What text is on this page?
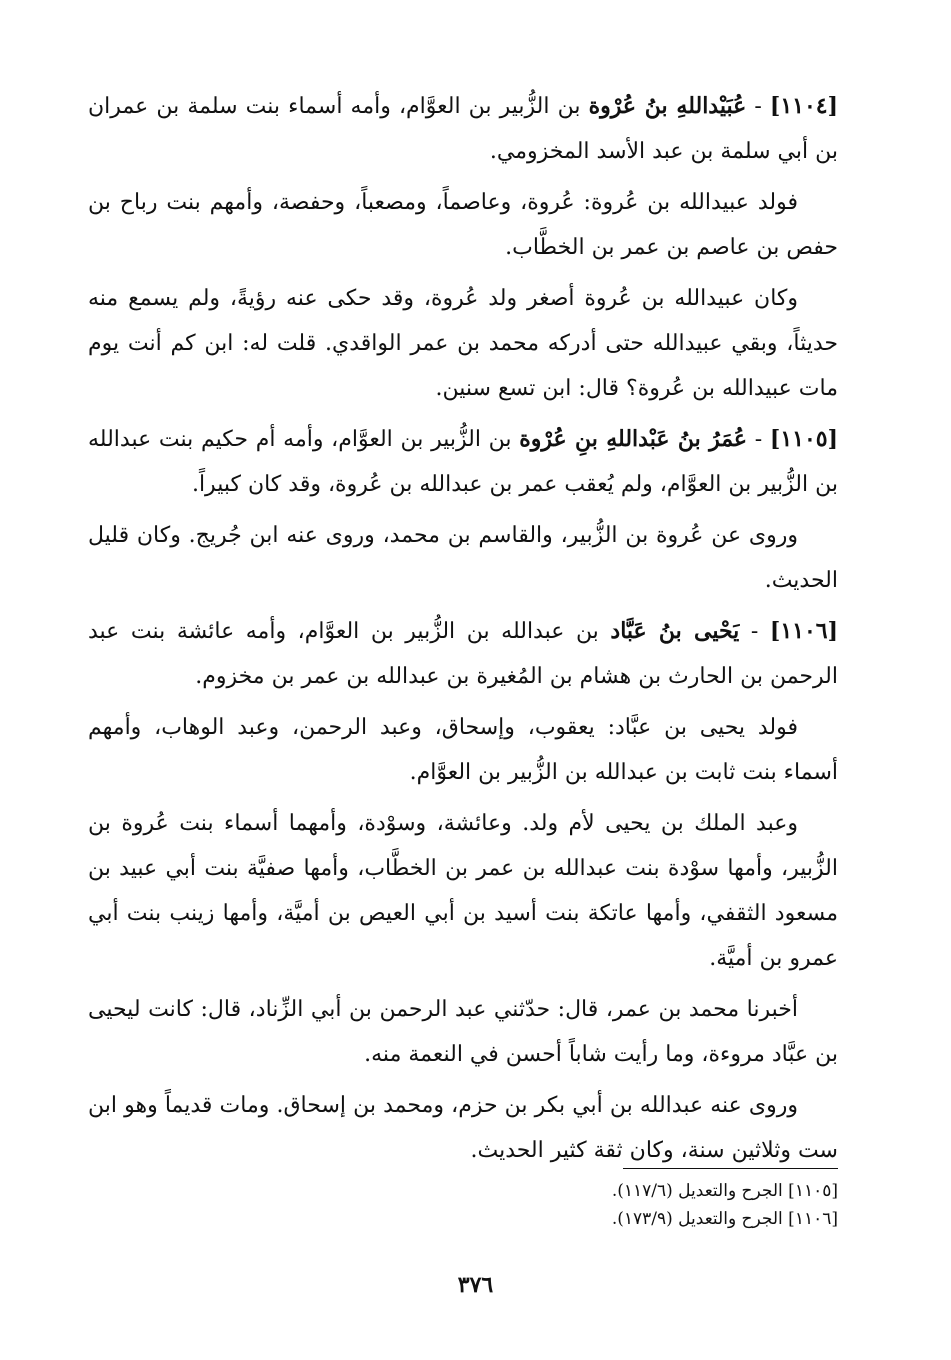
[١١٠٤] - عُبَيْداللهِ بنُ عُرْوة بن الزُّبير بن العوَّام، وأمه أسماء بنت سلمة بن عمران بن أبي سلمة بن عبد الأسد المخزومي.

فولد عبيدالله بن عُروة: عُروة، وعاصماً، ومصعباً، وحفصة، وأمهم بنت رباح بن حفص بن عاصم بن عمر بن الخطَّاب.

وكان عبيدالله بن عُروة أصغر ولد عُروة، وقد حكى عنه رؤيةً، ولم يسمع منه حديثاً، وبقي عبيدالله حتى أدركه محمد بن عمر الواقدي. قلت له: ابن كم أنت يوم مات عبيدالله بن عُروة؟ قال: ابن تسع سنين.

[١١٠٥] - عُمَرُ بنُ عَبْداللهِ بنِ عُرْوة بن الزُّبير بن العوَّام، وأمه أم حكيم بنت عبدالله بن الزُّبير بن العوَّام، ولم يُعقب عمر بن عبدالله بن عُروة، وقد كان كبيراً.

وروى عن عُروة بن الزُّبير، والقاسم بن محمد، وروى عنه ابن جُريج. وكان قليل الحديث.

[١١٠٦] - يَحْيى بنُ عَبَّاد بن عبدالله بن الزُّبير بن العوَّام، وأمه عائشة بنت عبد الرحمن بن الحارث بن هشام بن المُغيرة بن عبدالله بن عمر بن مخزوم.

فولد يحيى بن عبَّاد: يعقوب، وإسحاق، وعبد الرحمن، وعبد الوهاب، وأمهم أسماء بنت ثابت بن عبدالله بن الزُّبير بن العوَّام.

وعبد الملك بن يحيى لأم ولد. وعائشة، وسوْدة، وأمهما أسماء بنت عُروة بن الزُّبير، وأمها سوْدة بنت عبدالله بن عمر بن الخطَّاب، وأمها صفيَّة بنت أبي عبيد بن مسعود الثقفي، وأمها عاتكة بنت أسيد بن أبي العيص بن أميَّة، وأمها زينب بنت أبي عمرو بن أميَّة.

أخبرنا محمد بن عمر، قال: حدّثني عبد الرحمن بن أبي الزِّناد، قال: كانت ليحيى بن عبَّاد مروءة، وما رأيت شاباً أحسن في النعمة منه.

وروى عنه عبدالله بن أبي بكر بن حزم، ومحمد بن إسحاق. ومات قديماً وهو ابن ست وثلاثين سنة، وكان ثقة كثير الحديث.

[١١٠٥] الجرح والتعديل (١١٧/٦).

[١١٠٦] الجرح والتعديل (١٧٣/٩).

٣٧٦
